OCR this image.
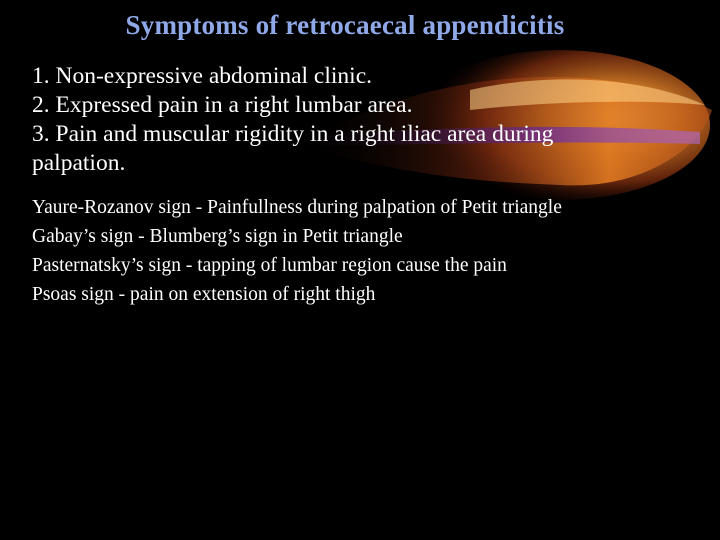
Symptoms of retrocaecal appendicitis
1. Non-expressive abdominal clinic.
2. Expressed pain in a right lumbar area.
3. Pain and muscular rigidity in a right iliac area during
palpation.
Yaure-Rozanov sign - Painfullness during palpation of Petit triangle
Gabay’s sign - Blumberg’s sign in Petit triangle
Pasternatsky’s sign - tapping of lumbar region cause the pain
Psoas sign - pain on extension of right thigh
